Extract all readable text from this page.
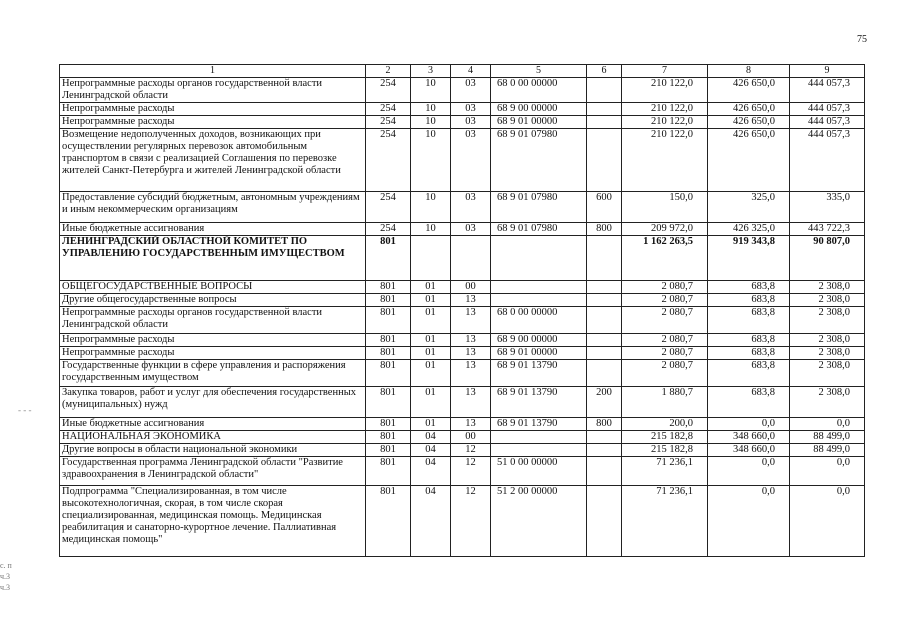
75
1	2	3	4	5	6	7	8	9
Непрограммные расходы органов государственной власти Ленинградской области	254	10	03	68 0 00 00000		210 122,0	426 650,0	444 057,3
Непрограммные расходы	254	10	03	68 9 00 00000		210 122,0	426 650,0	444 057,3
Непрограммные расходы	254	10	03	68 9 01 00000		210 122,0	426 650,0	444 057,3
Возмещение недополученных доходов, возникающих при осуществлении регулярных перевозок автомобильным транспортом в связи с реализацией Соглашения по перевозке жителей Санкт-Петербурга и жителей Ленинградской области	254	10	03	68 9 01 07980		210 122,0	426 650,0	444 057,3
Предоставление субсидий бюджетным, автономным учреждениям и иным некоммерческим организациям	254	10	03	68 9 01 07980	600	150,0	325,0	335,0
Иные бюджетные ассигнования	254	10	03	68 9 01 07980	800	209 972,0	426 325,0	443 722,3
ЛЕНИНГРАДСКИЙ ОБЛАСТНОЙ КОМИТЕТ ПО УПРАВЛЕНИЮ ГОСУДАРСТВЕННЫМ ИМУЩЕСТВОМ	801					1 162 263,5	919 343,8	90 807,0
ОБЩЕГОСУДАРСТВЕННЫЕ ВОПРОСЫ	801	01	00			2 080,7	683,8	2 308,0
Другие общегосударственные вопросы	801	01	13			2 080,7	683,8	2 308,0
Непрограммные расходы органов государственной власти Ленинградской области	801	01	13	68 0 00 00000		2 080,7	683,8	2 308,0
Непрограммные расходы	801	01	13	68 9 00 00000		2 080,7	683,8	2 308,0
Непрограммные расходы	801	01	13	68 9 01 00000		2 080,7	683,8	2 308,0
Государственные функции в сфере управления и распоряжения государственным имуществом	801	01	13	68 9 01 13790		2 080,7	683,8	2 308,0
Закупка товаров, работ и услуг для обеспечения государственных (муниципальных) нужд	801	01	13	68 9 01 13790	200	1 880,7	683,8	2 308,0
Иные бюджетные ассигнования	801	01	13	68 9 01 13790	800	200,0	0,0	0,0
НАЦИОНАЛЬНАЯ ЭКОНОМИКА	801	04	00			215 182,8	348 660,0	88 499,0
Другие вопросы в области национальной экономики	801	04	12			215 182,8	348 660,0	88 499,0
Государственная программа Ленинградской области "Развитие здравоохранения в Ленинградской области"	801	04	12	51 0 00 00000		71 236,1	0,0	0,0
Подпрограмма "Специализированная, в том числе высокотехнологичная, скорая, в том числе скорая специализированная, медицинская помощь. Медицинская реабилитация и санаторно-курортное лечение. Паллиативная медицинская помощь"	801	04	12	51 2 00 00000		71 236,1	0,0	0,0
- - -
с. п
ч.3
ч.3
